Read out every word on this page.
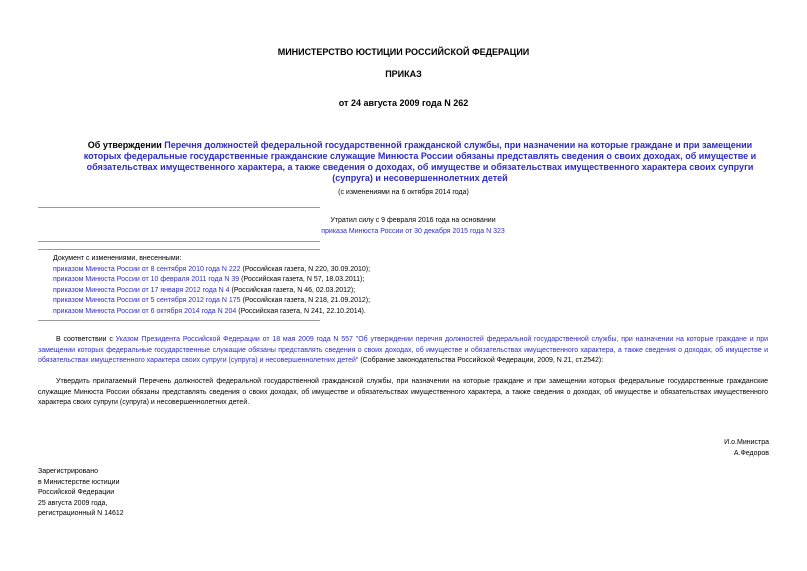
МИНИСТЕРСТВО ЮСТИЦИИ РОССИЙСКОЙ ФЕДЕРАЦИИ
ПРИКАЗ
от 24 августа 2009 года N 262
Об утверждении Перечня должностей федеральной государственной гражданской службы, при назначении на которые граждане и при замещении которых федеральные государственные гражданские служащие Минюста России обязаны представлять сведения о своих доходах, об имуществе и обязательствах имущественного характера, а также сведения о доходах, об имуществе и обязательствах имущественного характера своих супруги (супруга) и несовершеннолетних детей
(с изменениями на 6 октября 2014 года)
Утратил силу с 9 февраля 2016 года на основании
приказа Минюста России от 30 декабря 2015 года N 323
Документ с изменениями, внесенными:
приказом Минюста России от 8 сентября 2010 года N 222 (Российская газета, N 220, 30.09.2010);
приказом Минюста России от 10 февраля 2011 года N 39 (Российская газета, N 57, 18.03.2011);
приказом Минюста России от 17 января 2012 года N 4 (Российская газета, N 46, 02.03.2012);
приказом Минюста России от 5 сентября 2012 года N 175 (Российская газета, N 218, 21.09.2012);
приказом Минюста России от 6 октября 2014 года N 204 (Российская газета, N 241, 22.10.2014).
В соответствии с Указом Президента Российской Федерации от 18 мая 2009 года N 557 "Об утверждении перечня должностей федеральной государственной службы, при назначении на которые граждане и при замещении которых федеральные государственные служащие обязаны представлять сведения о своих доходах, об имуществе и обязательствах имущественного характера, а также сведения о доходах, об имуществе и обязательствах имущественного характера своих супруги (супруга) и несовершеннолетних детей" (Собрание законодательства Российской Федерации, 2009, N 21, ст.2542):
Утвердить прилагаемый Перечень должностей федеральной государственной гражданской службы, при назначении на которые граждане и при замещении которых федеральные государственные гражданские служащие Минюста России обязаны представлять сведения о своих доходах, об имуществе и обязательствах имущественного характера, а также сведения о доходах, об имуществе и обязательствах имущественного характера своих супруги (супруга) и несовершеннолетних детей.
И.о.Министра
А.Федоров
Зарегистрировано
в Министерстве юстиции
Российской Федерации
25 августа 2009 года,
регистрационный N 14612
